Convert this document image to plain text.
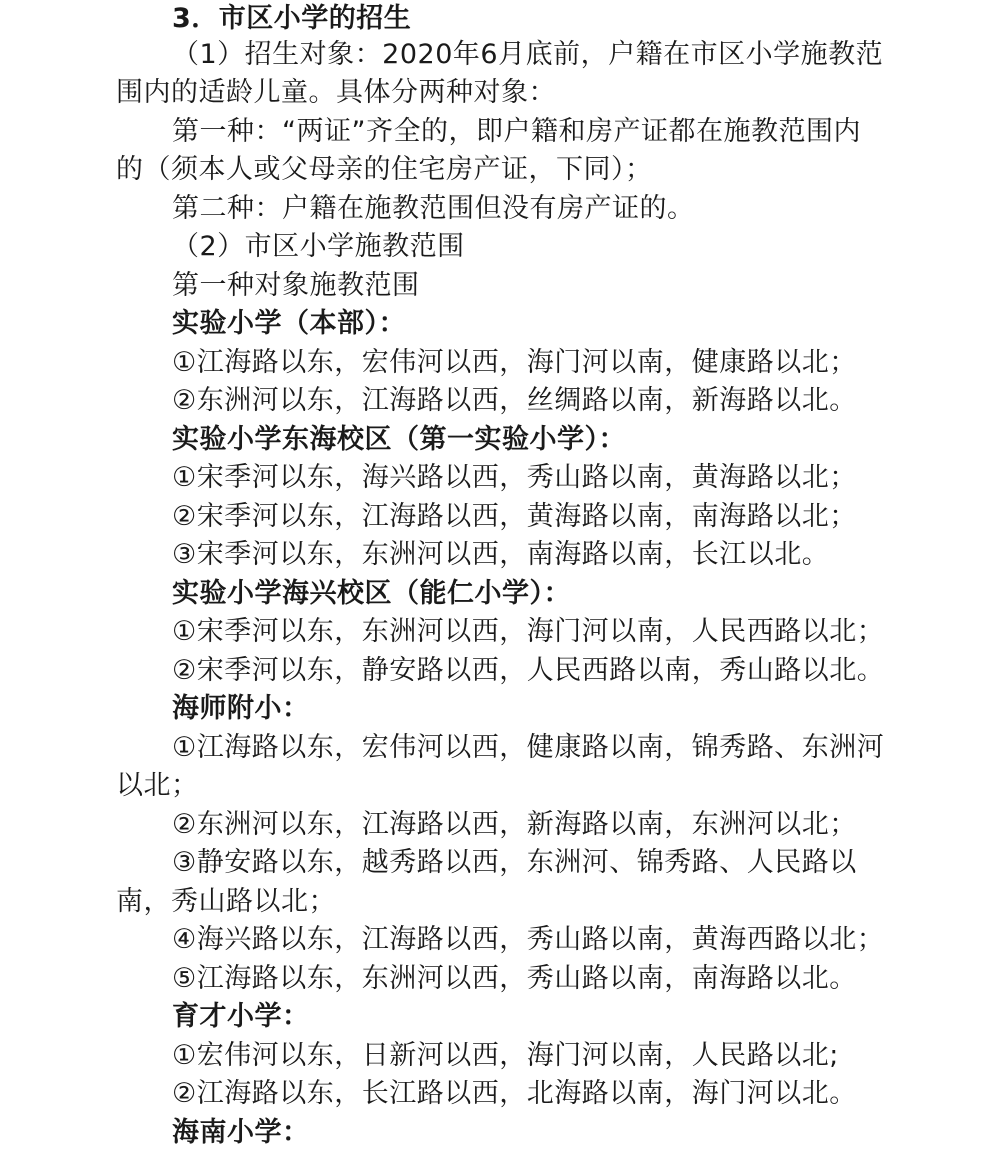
3．市区小学的招生
（1）招生对象：2020年6月底前，户籍在市区小学施教范
围内的适龄儿童。具体分两种对象：
第一种：“两证”齐全的，即户籍和房产证都在施教范围内
的（须本人或父母亲的住宅房产证，下同）；
第二种：户籍在施教范围但没有房产证的。
（2）市区小学施教范围
第一种对象施教范围
实验小学（本部）：
①江海路以东，宏伟河以西，海门河以南，健康路以北；
②东洲河以东，江海路以西，丝绸路以南，新海路以北。
实验小学东海校区（第一实验小学）：
①宋季河以东，海兴路以西，秀山路以南，黄海路以北；
②宋季河以东，江海路以西，黄海路以南，南海路以北；
③宋季河以东，东洲河以西，南海路以南，长江以北。
实验小学海兴校区（能仁小学）：
①宋季河以东，东洲河以西，海门河以南，人民西路以北；
②宋季河以东，静安路以西，人民西路以南，秀山路以北。
海师附小：
①江海路以东，宏伟河以西，健康路以南，锦秀路、东洲河
以北；
②东洲河以东，江海路以西，新海路以南，东洲河以北；
③静安路以东，越秀路以西，东洲河、锦秀路、人民路以
南，秀山路以北；
④海兴路以东，江海路以西，秀山路以南，黄海西路以北；
⑤江海路以东，东洲河以西，秀山路以南，南海路以北。
育才小学：
①宏伟河以东，日新河以西，海门河以南，人民路以北;
②江海路以东，长江路以西，北海路以南，海门河以北。
海南小学：
